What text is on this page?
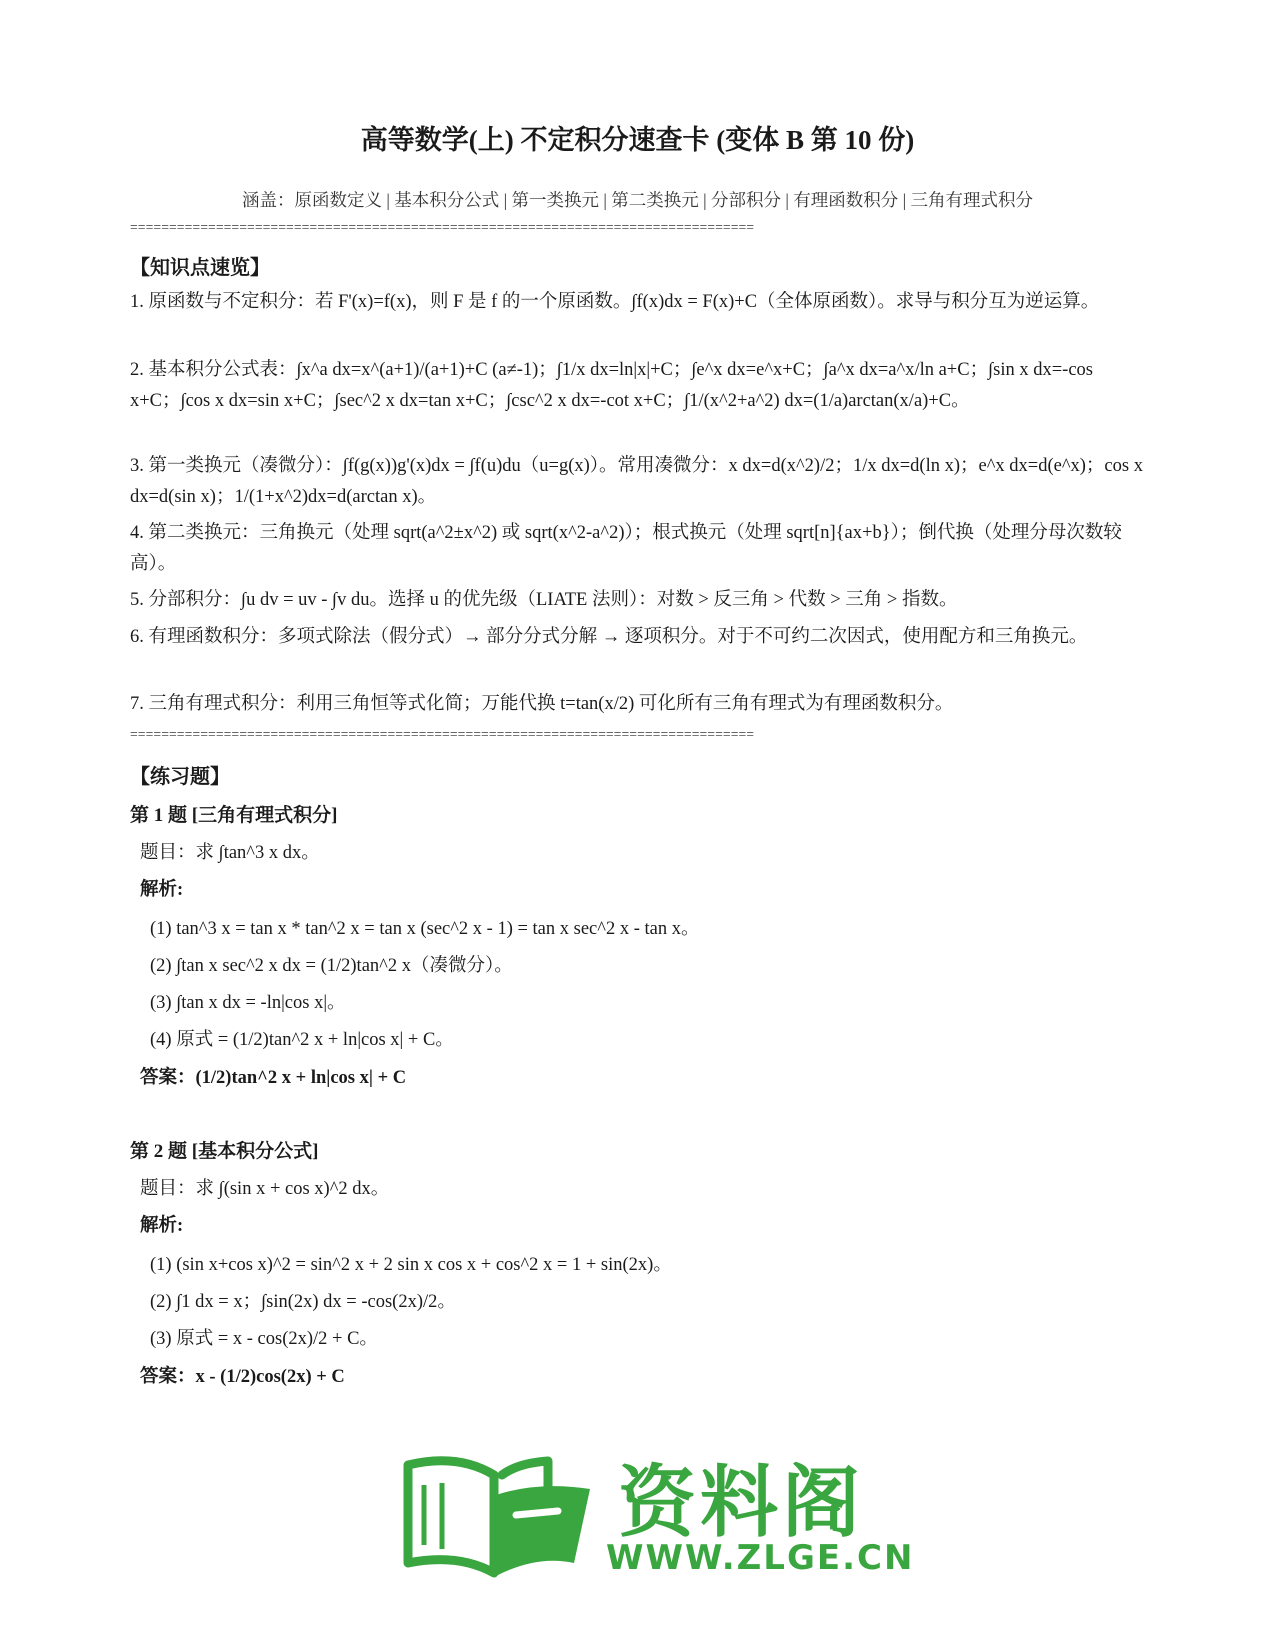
高等数学(上) 不定积分速查卡 (变体 B 第 10 份)
涵盖：原函数定义 | 基本积分公式 | 第一类换元 | 第二类换元 | 分部积分 | 有理函数积分 | 三角有理式积分
================================================================================
【知识点速览】
1. 原函数与不定积分：若 F'(x)=f(x)，则 F 是 f 的一个原函数。∫f(x)dx = F(x)+C（全体原函数）。求导与积分互为逆运算。
2. 基本积分公式表：∫x^a dx=x^(a+1)/(a+1)+C (a≠-1)；∫1/x dx=ln|x|+C；∫e^x dx=e^x+C；∫a^x dx=a^x/ln a+C；∫sin x dx=-cos x+C；∫cos x dx=sin x+C；∫sec^2 x dx=tan x+C；∫csc^2 x dx=-cot x+C；∫1/(x^2+a^2) dx=(1/a)arctan(x/a)+C。
3. 第一类换元（凑微分）：∫f(g(x))g'(x)dx = ∫f(u)du（u=g(x)）。常用凑微分：x dx=d(x^2)/2；1/x dx=d(ln x)；e^x dx=d(e^x)；cos x dx=d(sin x)；1/(1+x^2)dx=d(arctan x)。
4. 第二类换元：三角换元（处理 sqrt(a^2±x^2) 或 sqrt(x^2-a^2)）；根式换元（处理 sqrt[n]{ax+b}）；倒代换（处理分母次数较高）。
5. 分部积分：∫u dv = uv - ∫v du。选择 u 的优先级（LIATE 法则）：对数 > 反三角 > 代数 > 三角 > 指数。
6. 有理函数积分：多项式除法（假分式）→ 部分分式分解 → 逐项积分。对于不可约二次因式，使用配方和三角换元。
7. 三角有理式积分：利用三角恒等式化简；万能代换 t=tan(x/2) 可化所有三角有理式为有理函数积分。
================================================================================
【练习题】
第 1 题 [三角有理式积分]
题目：求 ∫tan^3 x dx。
解析:
(1) tan^3 x = tan x * tan^2 x = tan x (sec^2 x - 1) = tan x sec^2 x - tan x。
(2) ∫tan x sec^2 x dx = (1/2)tan^2 x（凑微分）。
(3) ∫tan x dx = -ln|cos x|。
(4) 原式 = (1/2)tan^2 x + ln|cos x| + C。
答案：(1/2)tan^2 x + ln|cos x| + C
第 2 题 [基本积分公式]
题目：求 ∫(sin x + cos x)^2 dx。
解析:
(1) (sin x+cos x)^2 = sin^2 x + 2 sin x cos x + cos^2 x = 1 + sin(2x)。
(2) ∫1 dx = x；∫sin(2x) dx = -cos(2x)/2。
(3) 原式 = x - cos(2x)/2 + C。
答案：x - (1/2)cos(2x) + C
资料阁
WWW.ZLGE.CN
